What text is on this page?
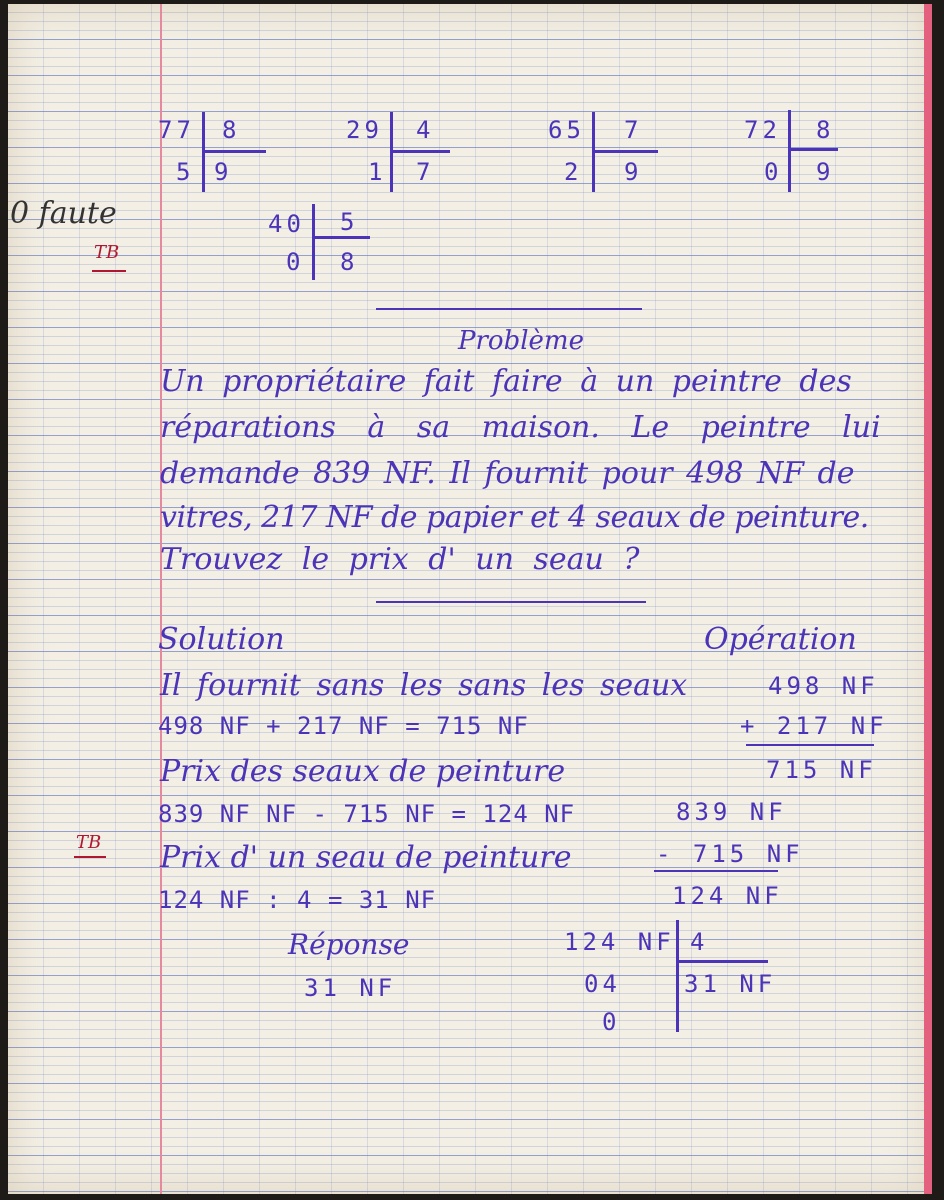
0 faute
TB
TB
77 8
5 9
29 4
1 7
65 7
2 9
72 8
0 9
40 5
0 8
Problème
Un propriétaire fait faire à un peintre des
réparations à sa maison. Le peintre lui
demande 839 NF. Il fournit pour 498 NF de
vitres, 217 NF de papier et 4 seaux de peinture.
Trouvez le prix d' un seau ?
Solution
Il fournit sans les sans les seaux
498 NF + 217 NF = 715 NF
Prix des seaux de peinture
839 NF NF - 715 NF = 124 NF
Prix d' un seau de peinture
124 NF : 4 = 31 NF
Réponse
31 NF
Opération
498 NF
+ 217 NF
715 NF
839 NF
- 715 NF
124 NF
124 NF 4
04
0
31 NF
